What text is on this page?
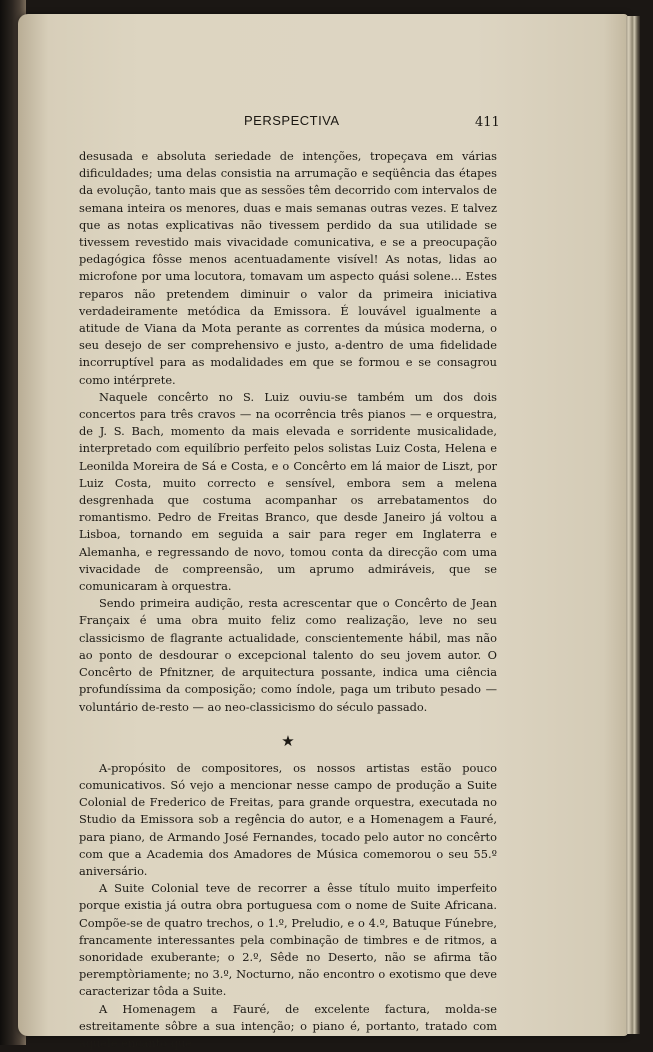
PERSPECTIVA	411

desusada e absoluta seriedade de intenções, tropeçava em várias dificuldades; uma delas consistia na arrumação e seqüência das étapes da evolução, tanto mais que as sessões têm decorrido com intervalos de semana inteira os menores, duas e mais semanas outras vezes. E talvez que as notas explicativas não tivessem perdido da sua utilidade se tivessem revestido mais vivacidade comunicativa, e se a preocupação pedagógica fôsse menos acentuadamente visível! As notas, lidas ao microfone por uma locutora, tomavam um aspecto quási solene... Estes reparos não pretendem diminuir o valor da primeira iniciativa verdadeiramente metódica da Emissora. É louvável igualmente a atitude de Viana da Mota perante as correntes da música moderna, o seu desejo de ser comprehensivo e justo, a-dentro de uma fidelidade incorruptível para as modalidades em que se formou e se consagrou como intérprete.

Naquele concêrto no S. Luiz ouviu-se também um dos dois concertos para três cravos — na ocorrência três pianos — e orquestra, de J. S. Bach, momento da mais elevada e sorridente musicalidade, interpretado com equilíbrio perfeito pelos solistas Luiz Costa, Helena e Leonilda Moreira de Sá e Costa, e o Concêrto em lá maior de Liszt, por Luiz Costa, muito correcto e sensível, embora sem a melena desgrenhada que costuma acompanhar os arrebatamentos do romantismo. Pedro de Freitas Branco, que desde Janeiro já voltou a Lisboa, tornando em seguida a sair para reger em Inglaterra e Alemanha, e regressando de novo, tomou conta da direcção com uma vivacidade de compreensão, um aprumo admiráveis, que se comunicaram à orquestra.

Sendo primeira audição, resta acrescentar que o Concêrto de Jean Françaix é uma obra muito feliz como realização, leve no seu classicismo de flagrante actualidade, conscientemente hábil, mas não ao ponto de desdourar o excepcional talento do seu jovem autor. O Concêrto de Pfnitzner, de arquitectura possante, indica uma ciência profundíssima da composição; como índole, paga um tributo pesado — voluntário de-resto — ao neo-classicismo do século passado.

★

A-propósito de compositores, os nossos artistas estão pouco comunicativos. Só vejo a mencionar nesse campo de produção a Suite Colonial de Frederico de Freitas, para grande orquestra, executada no Studio da Emissora sob a regência do autor, e a Homenagem a Fauré, para piano, de Armando José Fernandes, tocado pelo autor no concêrto com que a Academia dos Amadores de Música comemorou o seu 55.º aniversário.

A Suite Colonial teve de recorrer a êsse título muito imperfeito porque existia já outra obra portuguesa com o nome de Suite Africana. Compõe-se de quatro trechos, o 1.º, Preludio, e o 4.º, Batuque Fúnebre, francamente interessantes pela combinação de timbres e de ritmos, a sonoridade exuberante; o 2.º, Sêde no Deserto, não se afirma tão peremptòriamente; no 3.º, Nocturno, não encontro o exotismo que deve caracterizar tôda a Suite.

A Homenagem a Fauré, de excelente factura, molda-se estreitamente sôbre a sua intenção; o piano é, portanto, tratado com aquele encanto que
